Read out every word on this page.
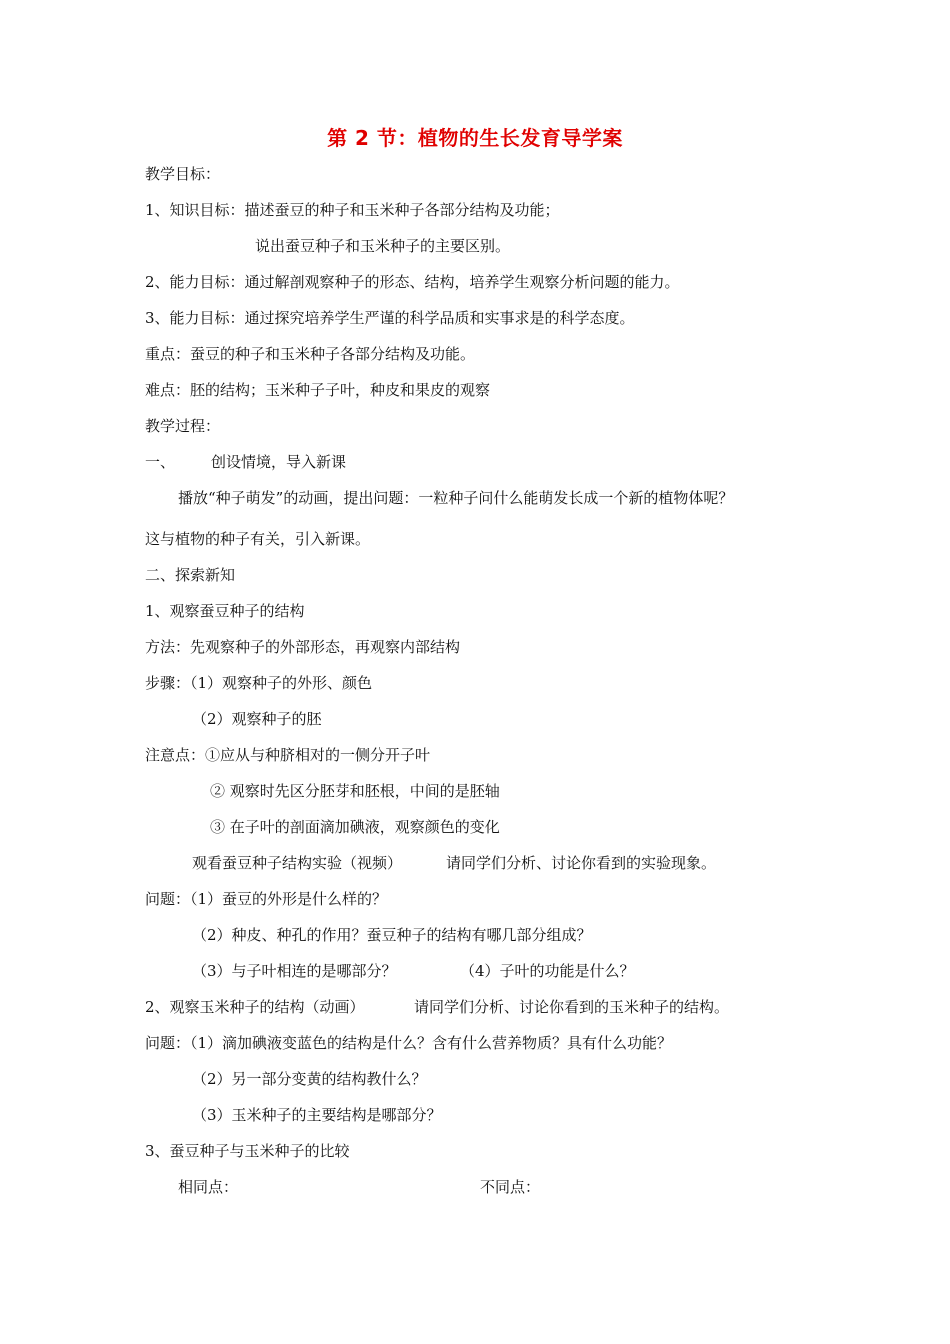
第 2 节：植物的生长发育导学案
教学目标：
1、知识目标：描述蚕豆的种子和玉米种子各部分结构及功能；
说出蚕豆种子和玉米种子的主要区别。
2、能力目标：通过解剖观察种子的形态、结构，培养学生观察分析问题的能力。
3、能力目标：通过探究培养学生严谨的科学品质和实事求是的科学态度。
重点：蚕豆的种子和玉米种子各部分结构及功能。
难点：胚的结构；玉米种子子叶，种皮和果皮的观察
教学过程：
一、 创设情境，导入新课
播放“种子萌发”的动画，提出问题：一粒种子问什么能萌发长成一个新的植物体呢？
这与植物的种子有关，引入新课。
二、探索新知
1、观察蚕豆种子的结构
方法：先观察种子的外部形态，再观察内部结构
步骤：（1）观察种子的外形、颜色
（2）观察种子的胚
注意点：①应从与种脐相对的一侧分开子叶
② 观察时先区分胚芽和胚根，中间的是胚轴
③ 在子叶的剖面滴加碘液，观察颜色的变化
观看蚕豆种子结构实验（视频）	请同学们分析、讨论你看到的实验现象。
问题：（1）蚕豆的外形是什么样的？
（2）种皮、种孔的作用？蚕豆种子的结构有哪几部分组成？
（3）与子叶相连的是哪部分？	（4）子叶的功能是什么？
2、观察玉米种子的结构（动画）	请同学们分析、讨论你看到的玉米种子的结构。
问题：（1）滴加碘液变蓝色的结构是什么？含有什么营养物质？具有什么功能？
（2）另一部分变黄的结构教什么？
（3）玉米种子的主要结构是哪部分？
3、蚕豆种子与玉米种子的比较
相同点：	不同点：
